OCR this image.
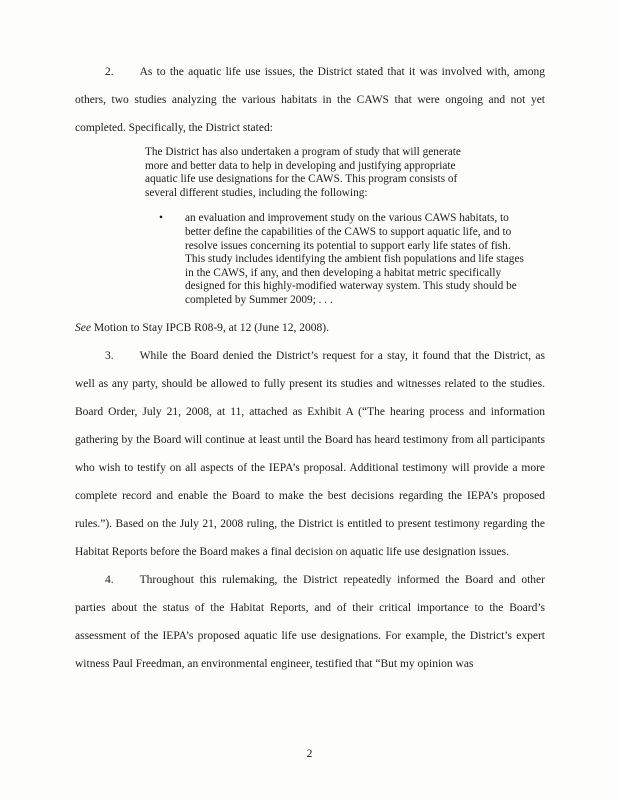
2. As to the aquatic life use issues, the District stated that it was involved with, among others, two studies analyzing the various habitats in the CAWS that were ongoing and not yet completed. Specifically, the District stated:

The District has also undertaken a program of study that will generate more and better data to help in developing and justifying appropriate aquatic life use designations for the CAWS. This program consists of several different studies, including the following:

•	an evaluation and improvement study on the various CAWS habitats, to better define the capabilities of the CAWS to support aquatic life, and to resolve issues concerning its potential to support early life states of fish. This study includes identifying the ambient fish populations and life stages in the CAWS, if any, and then developing a habitat metric specifically designed for this highly-modified waterway system. This study should be completed by Summer 2009; . . .

See Motion to Stay IPCB R08-9, at 12 (June 12, 2008).

3. While the Board denied the District’s request for a stay, it found that the District, as well as any party, should be allowed to fully present its studies and witnesses related to the studies. Board Order, July 21, 2008, at 11, attached as Exhibit A (“The hearing process and information gathering by the Board will continue at least until the Board has heard testimony from all participants who wish to testify on all aspects of the IEPA’s proposal. Additional testimony will provide a more complete record and enable the Board to make the best decisions regarding the IEPA’s proposed rules.”). Based on the July 21, 2008 ruling, the District is entitled to present testimony regarding the Habitat Reports before the Board makes a final decision on aquatic life use designation issues.

4. Throughout this rulemaking, the District repeatedly informed the Board and other parties about the status of the Habitat Reports, and of their critical importance to the Board’s assessment of the IEPA’s proposed aquatic life use designations. For example, the District’s expert witness Paul Freedman, an environmental engineer, testified that “But my opinion was

2
